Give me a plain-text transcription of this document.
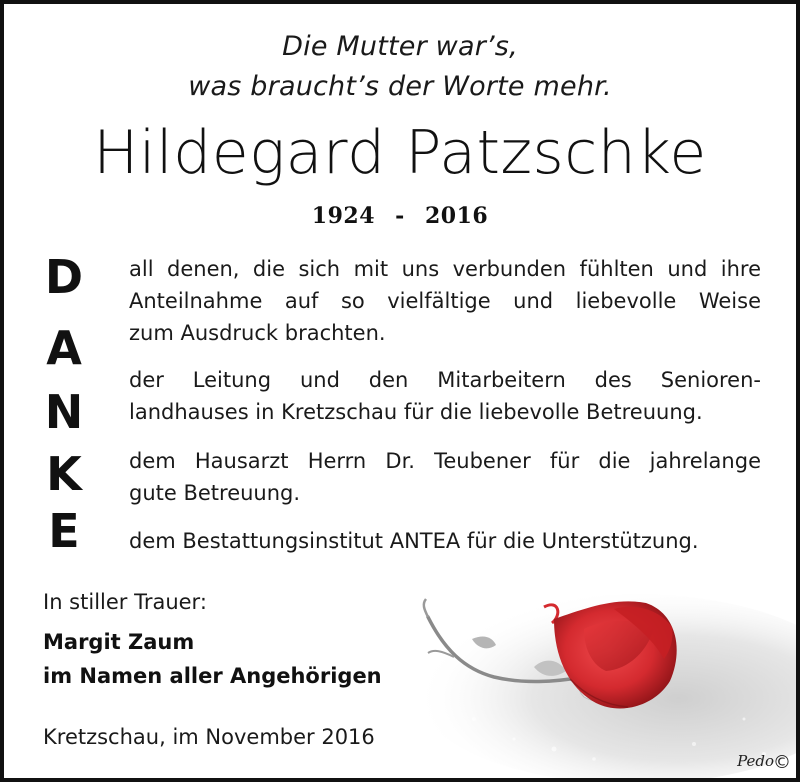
Die Mutter war’s,
was braucht’s der Worte mehr.
Hildegard Patzschke
1924 - 2016
D
A
N
K
E
all denen, die sich mit uns verbunden fühlten und ihre
Anteilnahme auf so vielfältige und liebevolle Weise
zum Ausdruck brachten.
der Leitung und den Mitarbeitern des Senioren-
landhauses in Kretzschau für die liebevolle Betreuung.
dem Hausarzt Herrn Dr. Teubener für die jahrelange
gute Betreuung.
dem Bestattungsinstitut ANTEA für die Unterstützung.
In stiller Trauer:
Margit Zaum
im Namen aller Angehörigen
Kretzschau, im November 2016
Pedo ©
